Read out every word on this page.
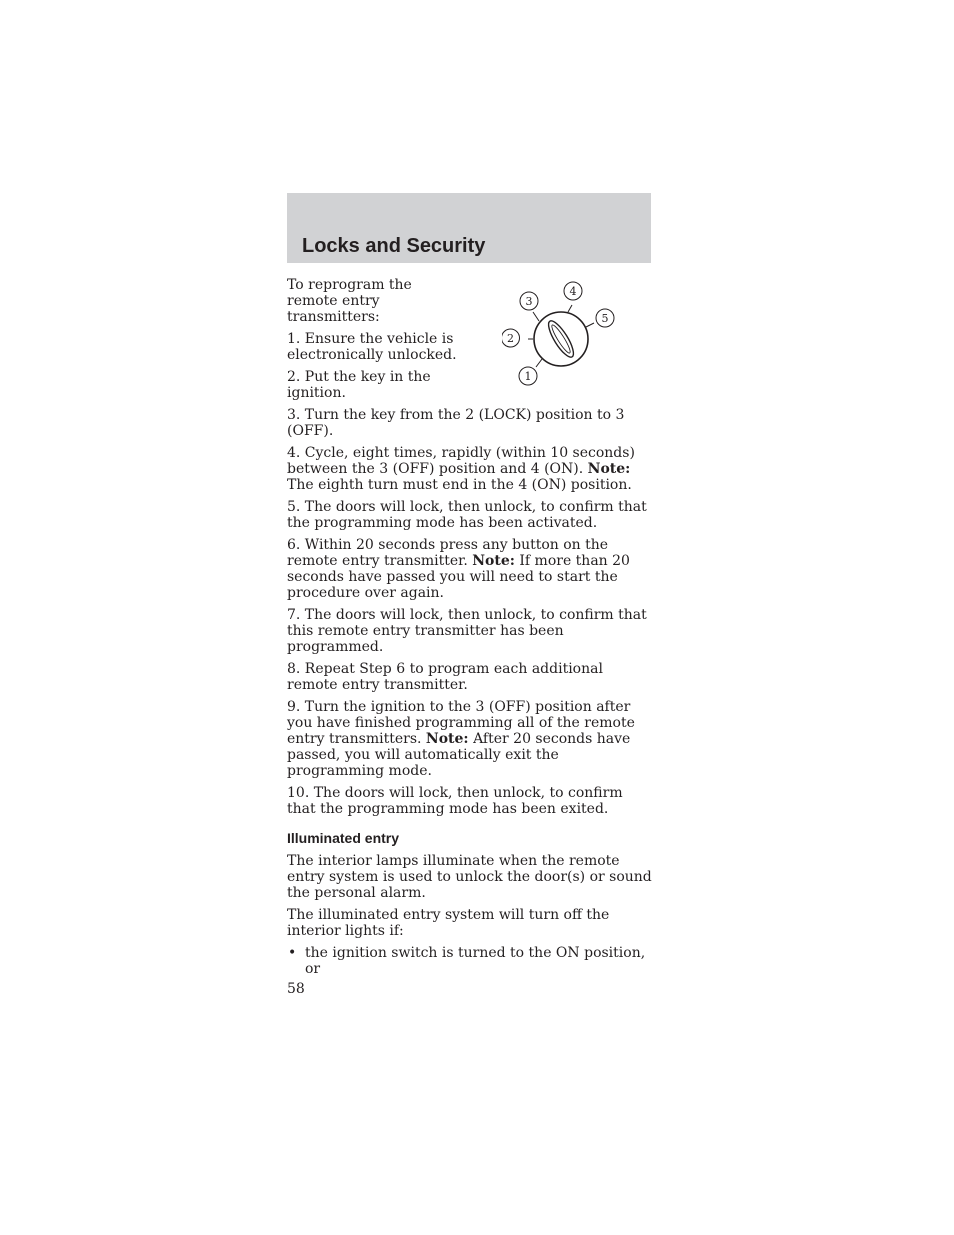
Locks and Security
1
2
3
4
5

To reprogram the remote entry transmitters:

1. Ensure the vehicle is electronically unlocked.

2. Put the key in the ignition.

3. Turn the key from the 2 (LOCK) position to 3 (OFF).

4. Cycle, eight times, rapidly (within 10 seconds) between the 3 (OFF) position and 4 (ON). Note: The eighth turn must end in the 4 (ON) position.

5. The doors will lock, then unlock, to confirm that the programming mode has been activated.

6. Within 20 seconds press any button on the remote entry transmitter. Note: If more than 20 seconds have passed you will need to start the procedure over again.

7. The doors will lock, then unlock, to confirm that this remote entry transmitter has been programmed.

8. Repeat Step 6 to program each additional remote entry transmitter.

9. Turn the ignition to the 3 (OFF) position after you have finished programming all of the remote entry transmitters. Note: After 20 seconds have passed, you will automatically exit the programming mode.

10. The doors will lock, then unlock, to confirm that the programming mode has been exited.

Illuminated entry

The interior lamps illuminate when the remote entry system is used to unlock the door(s) or sound the personal alarm.

The illuminated entry system will turn off the interior lights if:

• the ignition switch is turned to the ON position, or
58
